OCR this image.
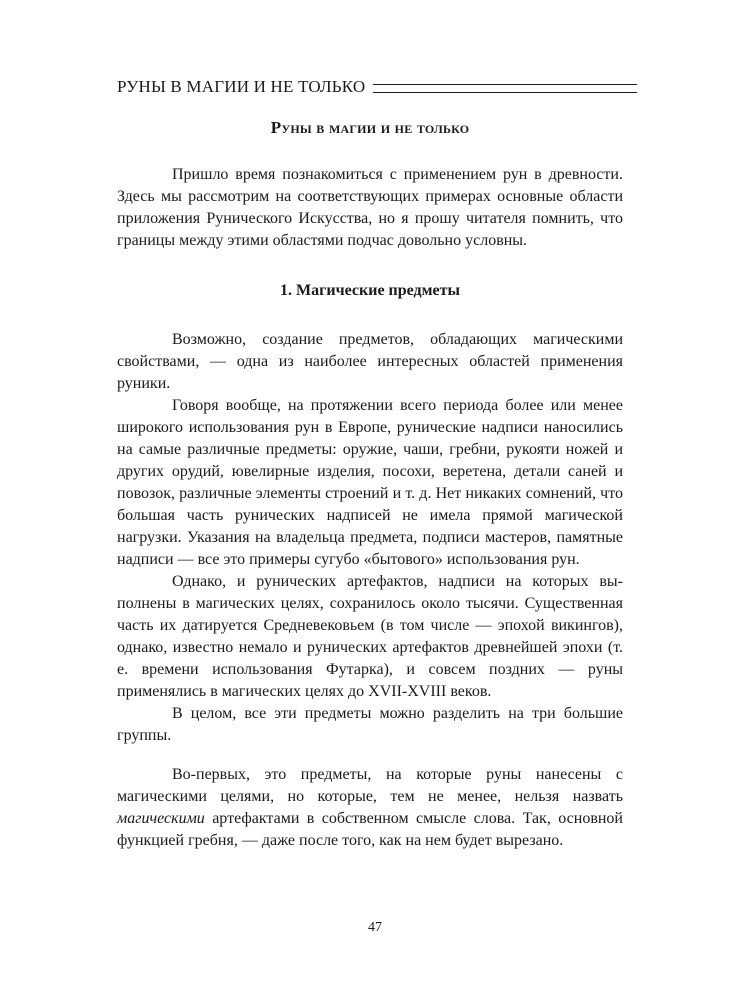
РУНЫ В МАГИИ И НЕ ТОЛЬКО
Руны в магии и не только

Пришло время познакомиться с применением рун в древности. Здесь мы рассмотрим на соответствующих примерах основные области приложения Рунического Искусства, но я прошу читателя помнить, что границы между этими областями подчас довольно условны.

1. Магические предметы

Возможно, создание предметов, обладающих магическими свойствами, — одна из наиболее интересных областей применения руники.

Говоря вообще, на протяжении всего периода более или менее широкого использования рун в Европе, рунические надписи наносились на самые различные предметы: оружие, чаши, гребни, рукояти ножей и других орудий, ювелирные изделия, посохи, веретена, детали саней и повозок, различные элементы строений и т. д. Нет никаких сомнений, что большая часть рунических надписей не имела прямой магической нагрузки. Указания на владельца предмета, подписи мастеров, памятные надписи — все это примеры сугубо «бытового» использования рун.

Однако, и рунических артефактов, надписи на которых выполнены в магических целях, сохранилось около тысячи. Существенная часть их датируется Средневековьем (в том числе — эпохой викингов), однако, известно немало и рунических артефактов древнейшей эпохи (т. е. времени использования Футарка), и совсем поздних — руны применялись в магических целях до XVII-XVIII веков.

В целом, все эти предметы можно разделить на три большие группы.

Во-первых, это предметы, на которые руны нанесены с магическими целями, но которые, тем не менее, нельзя назвать магическими артефактами в собственном смысле слова. Так, основной функцией гребня, — даже после того, как на нем будет вырезано.

47
